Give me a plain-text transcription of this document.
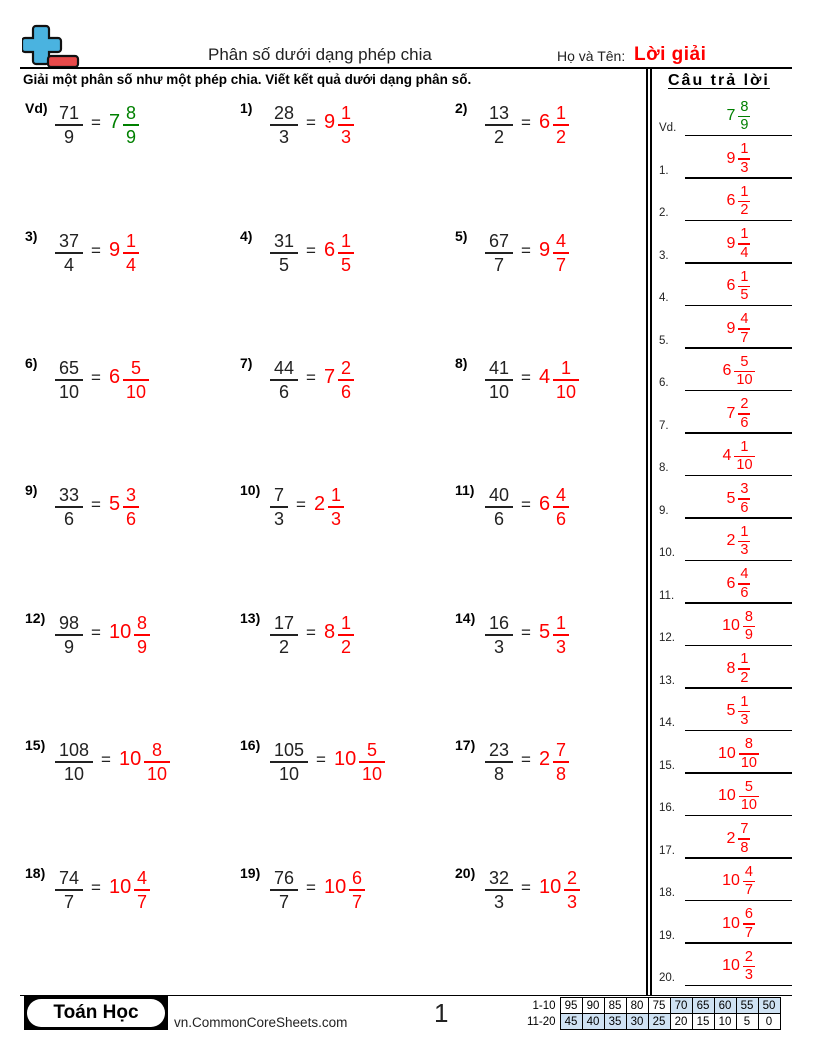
Phân số dưới dạng phép chia	Họ và Tên: Lời giải
Giải một phân số như một phép chia. Viết kết quả dưới dạng phân số.	Câu trả lời
Vd) 71
9
= 7 8
9
1) 28
3
= 9 1
3
2) 13
2
= 6 1
2
3) 37
4
= 9 1
4
4) 31
5
= 6 1
5
5) 67
7
= 9 4
7
6) 65
10
= 6 5
10
7) 44
6
= 7 2
6
8) 41
10
= 4 1
10
9) 33
6
= 5 3
6
10) 7
3
= 2 1
3
11) 40
6
= 6 4
6
12) 98
9
= 10 8
9
13) 17
2
= 8 1
2
14) 16
3
= 5 1
3
15) 108
10
= 10 8
10
16) 105
10
= 10 5
10
17) 23
8
= 2 7
8
18) 74
7
= 10 4
7
19) 76
7
= 10 6
7
20) 32
3
= 10 2
3
Vd.
7
8
9
1.
9
1
3
2.
6
1
2
3.
9
1
4
4.
6
1
5
5.
9
4
7
6.
6
5
10
7.
7
2
6
8.
4
1
10
9.
5
3
6
10.
2
1
3
11.
6
4
6
12.
10
8
9
13.
8
1
2
14.
5
1
3
15.
10
8
10
16.
10
5
10
17.
2
7
8
18.
10
4
7
19.
10
6
7
20.
10
2
3
Toán Học	vn.CommonCoreSheets.com	1	1-10	95	90	85	80	75	70	65	60	55	50
11-20	45	40	35	30	25	20	15	10	5	0
